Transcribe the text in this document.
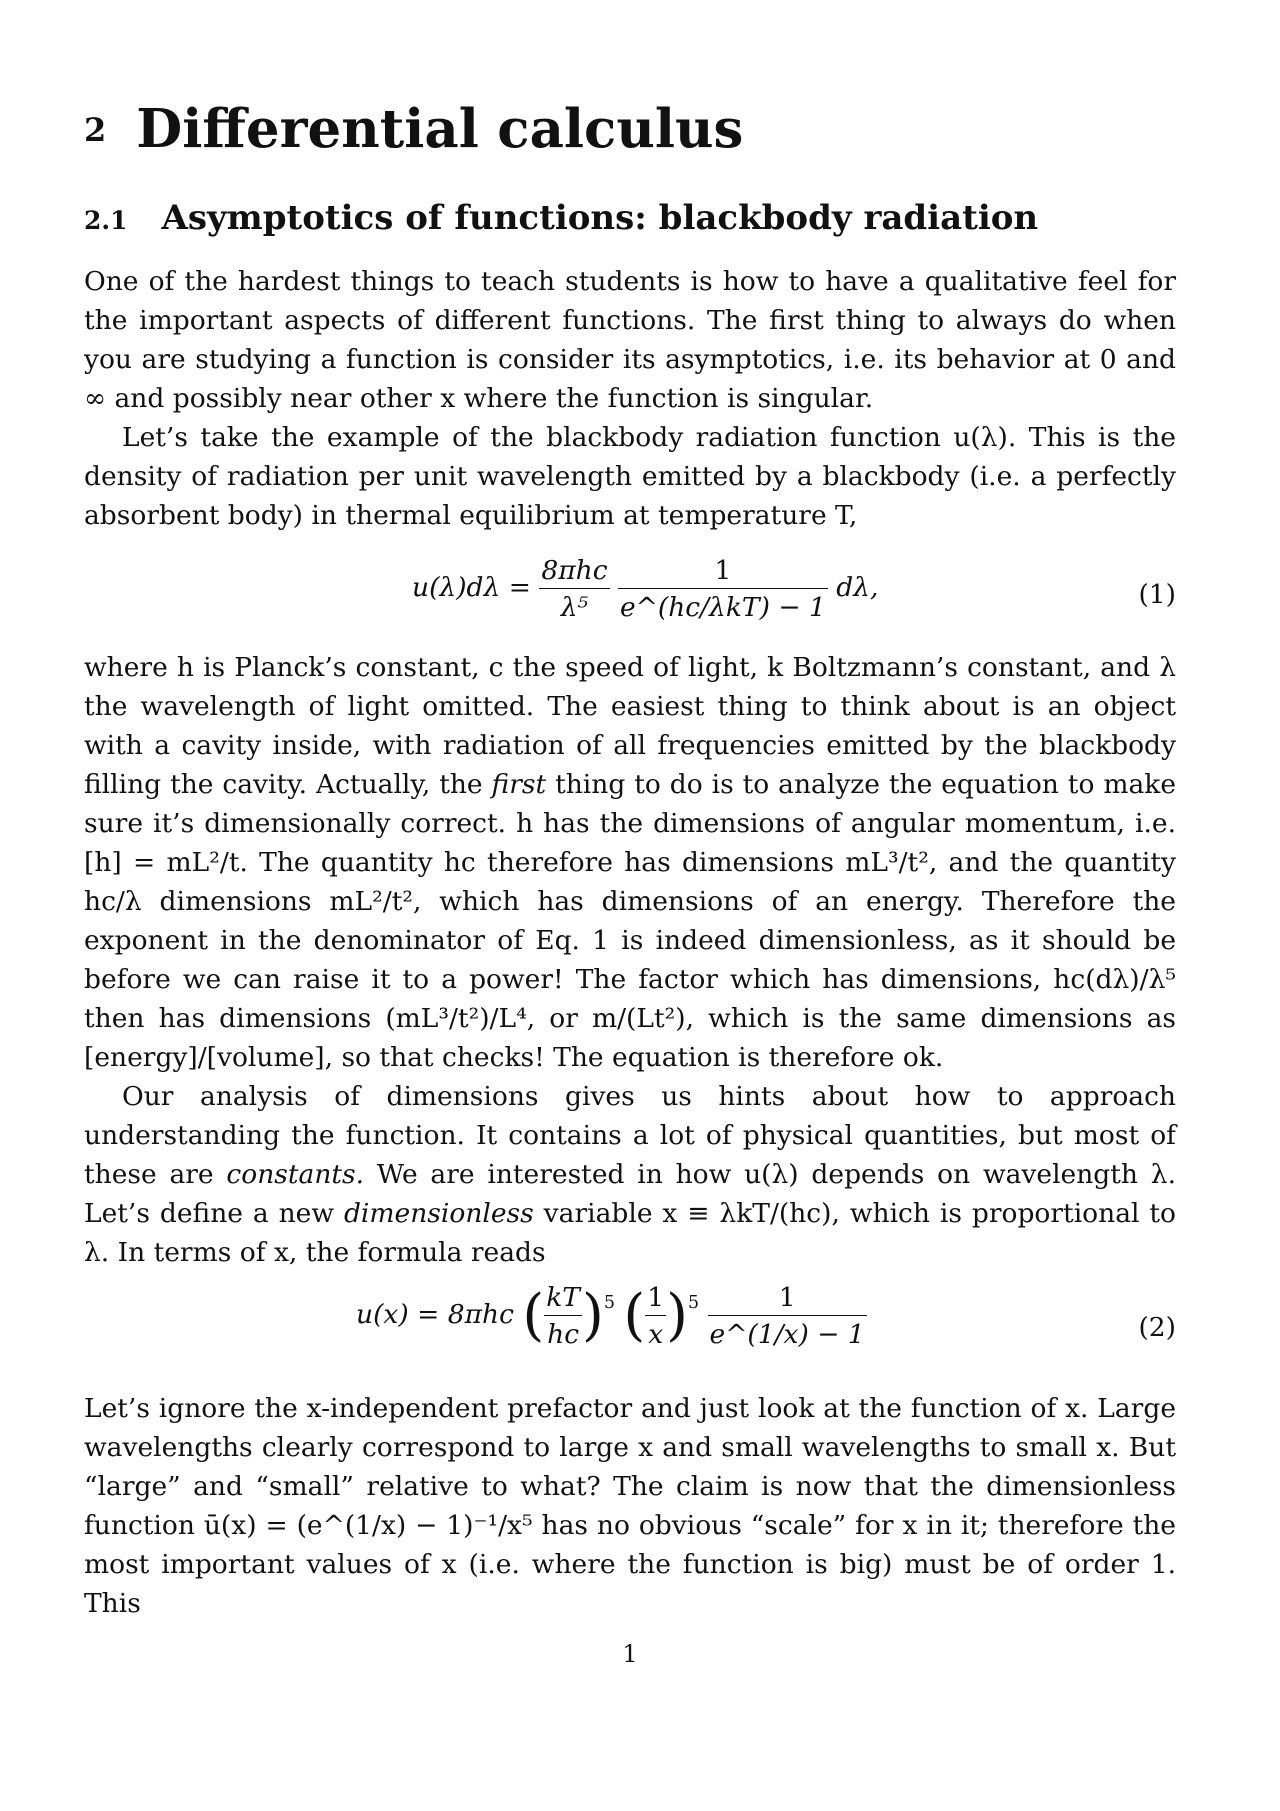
2 Differential calculus
2.1 Asymptotics of functions: blackbody radiation

One of the hardest things to teach students is how to have a qualitative feel for the important aspects of different functions. The first thing to always do when you are studying a function is consider its asymptotics, i.e. its behavior at 0 and ∞ and possibly near other x where the function is singular.

Let’s take the example of the blackbody radiation function u(λ). This is the density of radiation per unit wavelength emitted by a blackbody (i.e. a perfectly absorbent body) in thermal equilibrium at temperature T,

$u(\lambda)d\lambda = \frac{\text{8πhc}}{\text{λ⁵}}$
$\frac{1}{\text{e\textasciicircum{}(hc/λkT) − 1}} d\lambda$,	(1)

where h is Planck’s constant, c the speed of light, k Boltzmann’s constant, and λ the wavelength of light omitted. The easiest thing to think about is an object with a cavity inside, with radiation of all frequencies emitted by the blackbody filling the cavity. Actually, the first thing to do is to analyze the equation to make sure it’s dimensionally correct. h has the dimensions of angular momentum, i.e. [h] = mL²/t. The quantity hc therefore has dimensions mL³/t², and the quantity hc/λ dimensions mL²/t², which has dimensions of an energy. Therefore the exponent in the denominator of Eq. 1 is indeed dimensionless, as it should be before we can raise it to a power! The factor which has dimensions, hc(dλ)/λ⁵ then has dimensions (mL³/t²)/L⁴, or m/(Lt²), which is the same dimensions as [energy]/[volume], so that checks! The equation is therefore ok.

Our analysis of dimensions gives us hints about how to approach understanding the function. It contains a lot of physical quantities, but most of these are constants. We are interested in how u(λ) depends on wavelength λ. Let’s define a new dimensionless variable x ≡ λkT/(hc), which is proportional to λ. In terms of x, the formula reads

u(x) = 8πhc ( $\frac{kT}{hc} )^5$ ( $\frac{1}{x} )^5 \frac{1}{e\^{}(1/x) - 1}$	(2)

Let’s ignore the x-independent prefactor and just look at the function of x. Large wavelengths clearly correspond to large x and small wavelengths to small x. But “large” and “small” relative to what? The claim is now that the dimensionless function ū(x) = (e^(1/x) − 1)⁻¹/x⁵ has no obvious “scale” for x in it; therefore the most important values of x (i.e. where the function is big) must be of order 1. This

1
